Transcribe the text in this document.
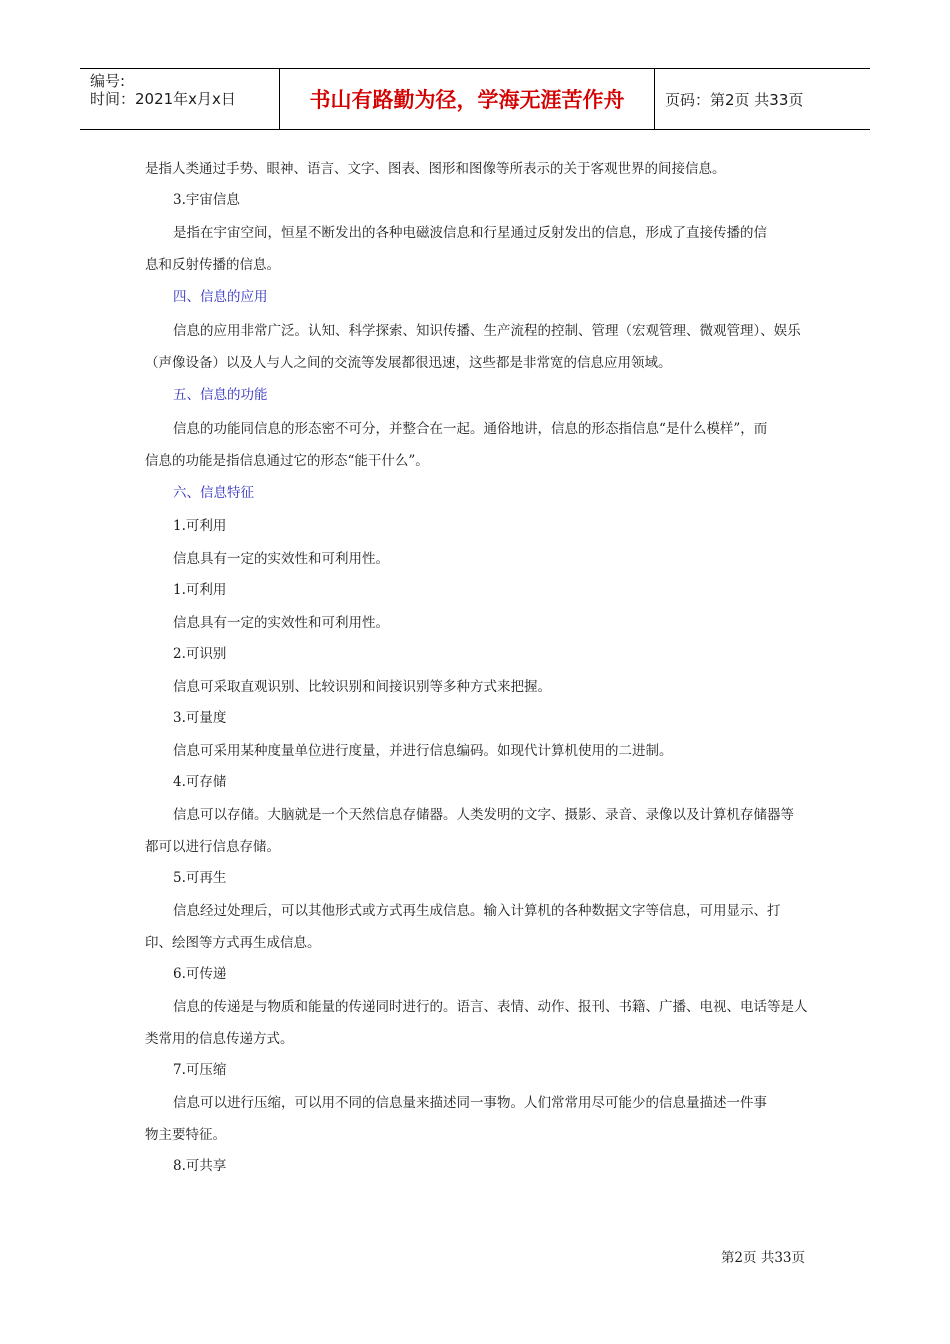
编号:
时间：2021年x月x日	书山有路勤为径，学海无涯苦作舟	页码：第2页 共33页
是指人类通过手势、眼神、语言、文字、图表、图形和图像等所表示的关于客观世界的间接信息。
3.宇宙信息
是指在宇宙空间，恒星不断发出的各种电磁波信息和行星通过反射发出的信息，形成了直接传播的信
息和反射传播的信息。
四、信息的应用
信息的应用非常广泛。认知、科学探索、知识传播、生产流程的控制、管理（宏观管理、微观管理）、娱乐
（声像设备）以及人与人之间的交流等发展都很迅速，这些都是非常宽的信息应用领域。
五、信息的功能
信息的功能同信息的形态密不可分，并整合在一起。通俗地讲，信息的形态指信息“是什么模样”，而
信息的功能是指信息通过它的形态“能干什么”。
六、信息特征
1.可利用
信息具有一定的实效性和可利用性。
1.可利用
信息具有一定的实效性和可利用性。
2.可识别
信息可采取直观识别、比较识别和间接识别等多种方式来把握。
3.可量度
信息可采用某种度量单位进行度量，并进行信息编码。如现代计算机使用的二进制。
4.可存储
信息可以存储。大脑就是一个天然信息存储器。人类发明的文字、摄影、录音、录像以及计算机存储器等
都可以进行信息存储。
5.可再生
信息经过处理后，可以其他形式或方式再生成信息。输入计算机的各种数据文字等信息，可用显示、打
印、绘图等方式再生成信息。
6.可传递
信息的传递是与物质和能量的传递同时进行的。语言、表情、动作、报刊、书籍、广播、电视、电话等是人
类常用的信息传递方式。
7.可压缩
信息可以进行压缩，可以用不同的信息量来描述同一事物。人们常常用尽可能少的信息量描述一件事
物主要特征。
8.可共享
第2页 共33页
